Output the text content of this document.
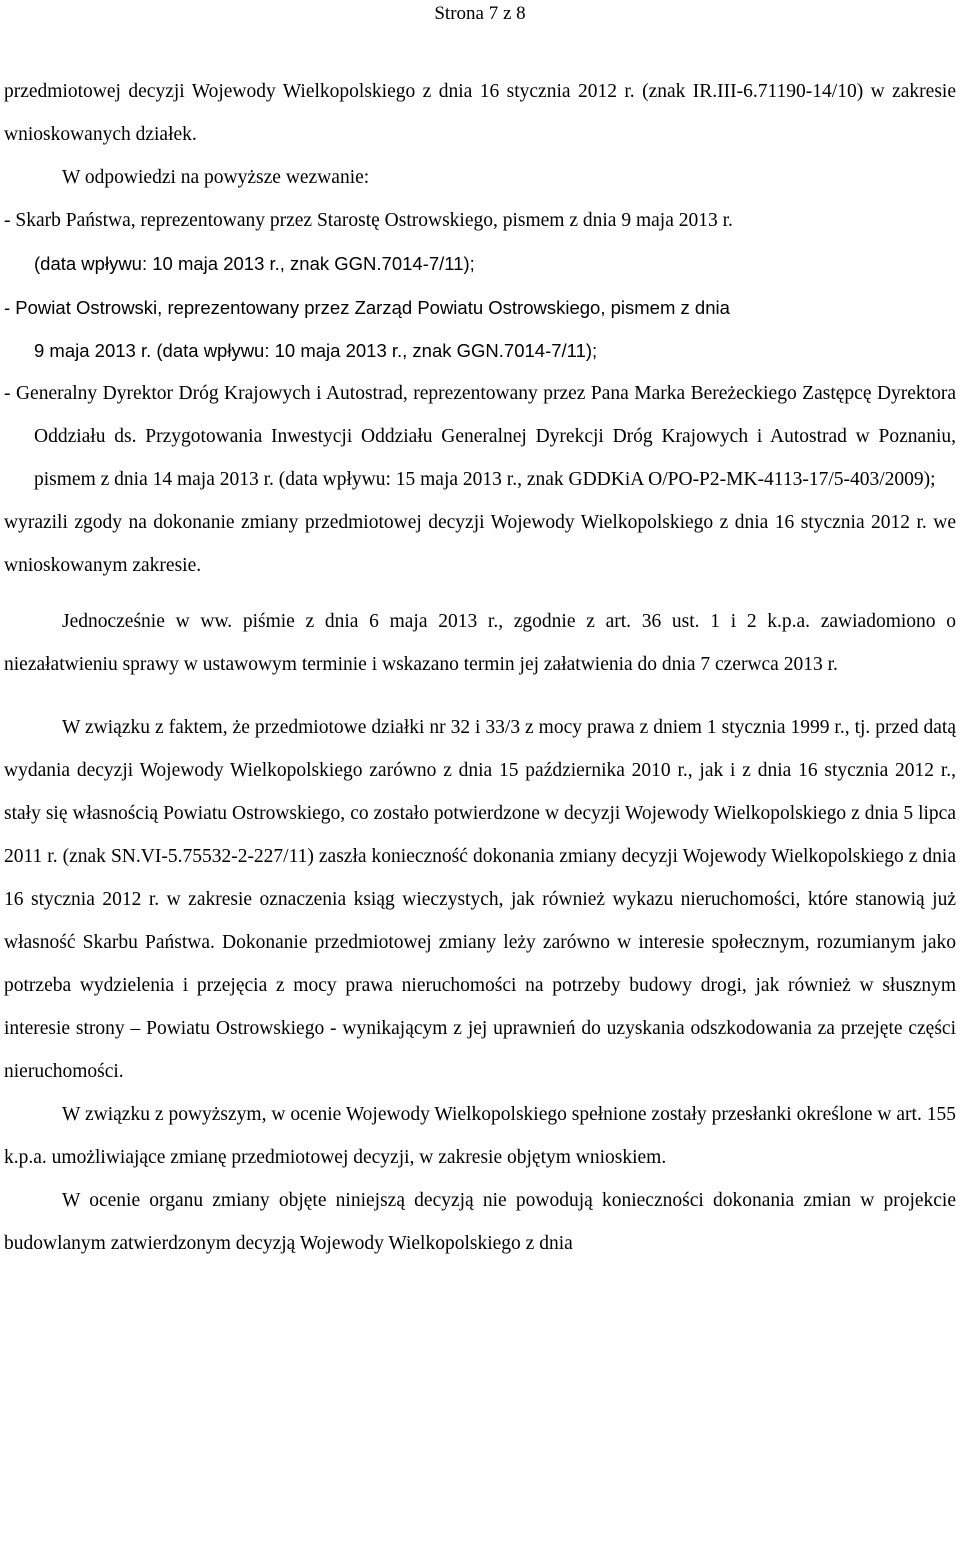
Strona 7 z 8

przedmiotowej decyzji Wojewody Wielkopolskiego z dnia 16 stycznia 2012 r. (znak IR.III-6.71190-14/10) w zakresie wnioskowanych działek.

W odpowiedzi na powyższe wezwanie:

- Skarb Państwa, reprezentowany przez Starostę Ostrowskiego, pismem z dnia 9 maja 2013 r.
(data wpływu: 10 maja 2013 r., znak GGN.7014-7/11);

- Powiat Ostrowski, reprezentowany przez Zarząd Powiatu Ostrowskiego, pismem z dnia
9 maja 2013 r. (data wpływu: 10 maja 2013 r., znak GGN.7014-7/11);

- Generalny Dyrektor Dróg Krajowych i Autostrad, reprezentowany przez Pana Marka Bereżeckiego Zastępcę Dyrektora Oddziału ds. Przygotowania Inwestycji Oddziału Generalnej Dyrekcji Dróg Krajowych i Autostrad w Poznaniu, pismem z dnia 14 maja 2013 r. (data wpływu: 15 maja 2013 r., znak GDDKiA O/PO-P2-MK-4113-17/5-403/2009);

wyrazili zgody na dokonanie zmiany przedmiotowej decyzji Wojewody Wielkopolskiego z dnia 16 stycznia 2012 r. we wnioskowanym zakresie.

Jednocześnie w ww. piśmie z dnia 6 maja 2013 r., zgodnie z art. 36 ust. 1 i 2 k.p.a. zawiadomiono o niezałatwieniu sprawy w ustawowym terminie i wskazano termin jej załatwienia do dnia 7 czerwca 2013 r.

W związku z faktem, że przedmiotowe działki nr 32 i 33/3 z mocy prawa z dniem 1 stycznia 1999 r., tj. przed datą wydania decyzji Wojewody Wielkopolskiego zarówno z dnia 15 października 2010 r., jak i z dnia 16 stycznia 2012 r., stały się własnością Powiatu Ostrowskiego, co zostało potwierdzone w decyzji Wojewody Wielkopolskiego z dnia 5 lipca 2011 r. (znak SN.VI-5.75532-2-227/11) zaszła konieczność dokonania zmiany decyzji Wojewody Wielkopolskiego z dnia 16 stycznia 2012 r. w zakresie oznaczenia ksiąg wieczystych, jak również wykazu nieruchomości, które stanowią już własność Skarbu Państwa. Dokonanie przedmiotowej zmiany leży zarówno w interesie społecznym, rozumianym jako potrzeba wydzielenia i przejęcia z mocy prawa nieruchomości na potrzeby budowy drogi, jak również w słusznym interesie strony – Powiatu Ostrowskiego - wynikającym z jej uprawnień do uzyskania odszkodowania za przejęte części nieruchomości.

W związku z powyższym, w ocenie Wojewody Wielkopolskiego spełnione zostały przesłanki określone w art. 155 k.p.a. umożliwiające zmianę przedmiotowej decyzji, w zakresie objętym wnioskiem.

W ocenie organu zmiany objęte niniejszą decyzją nie powodują konieczności dokonania zmian w projekcie budowlanym zatwierdzonym decyzją Wojewody Wielkopolskiego z dnia
